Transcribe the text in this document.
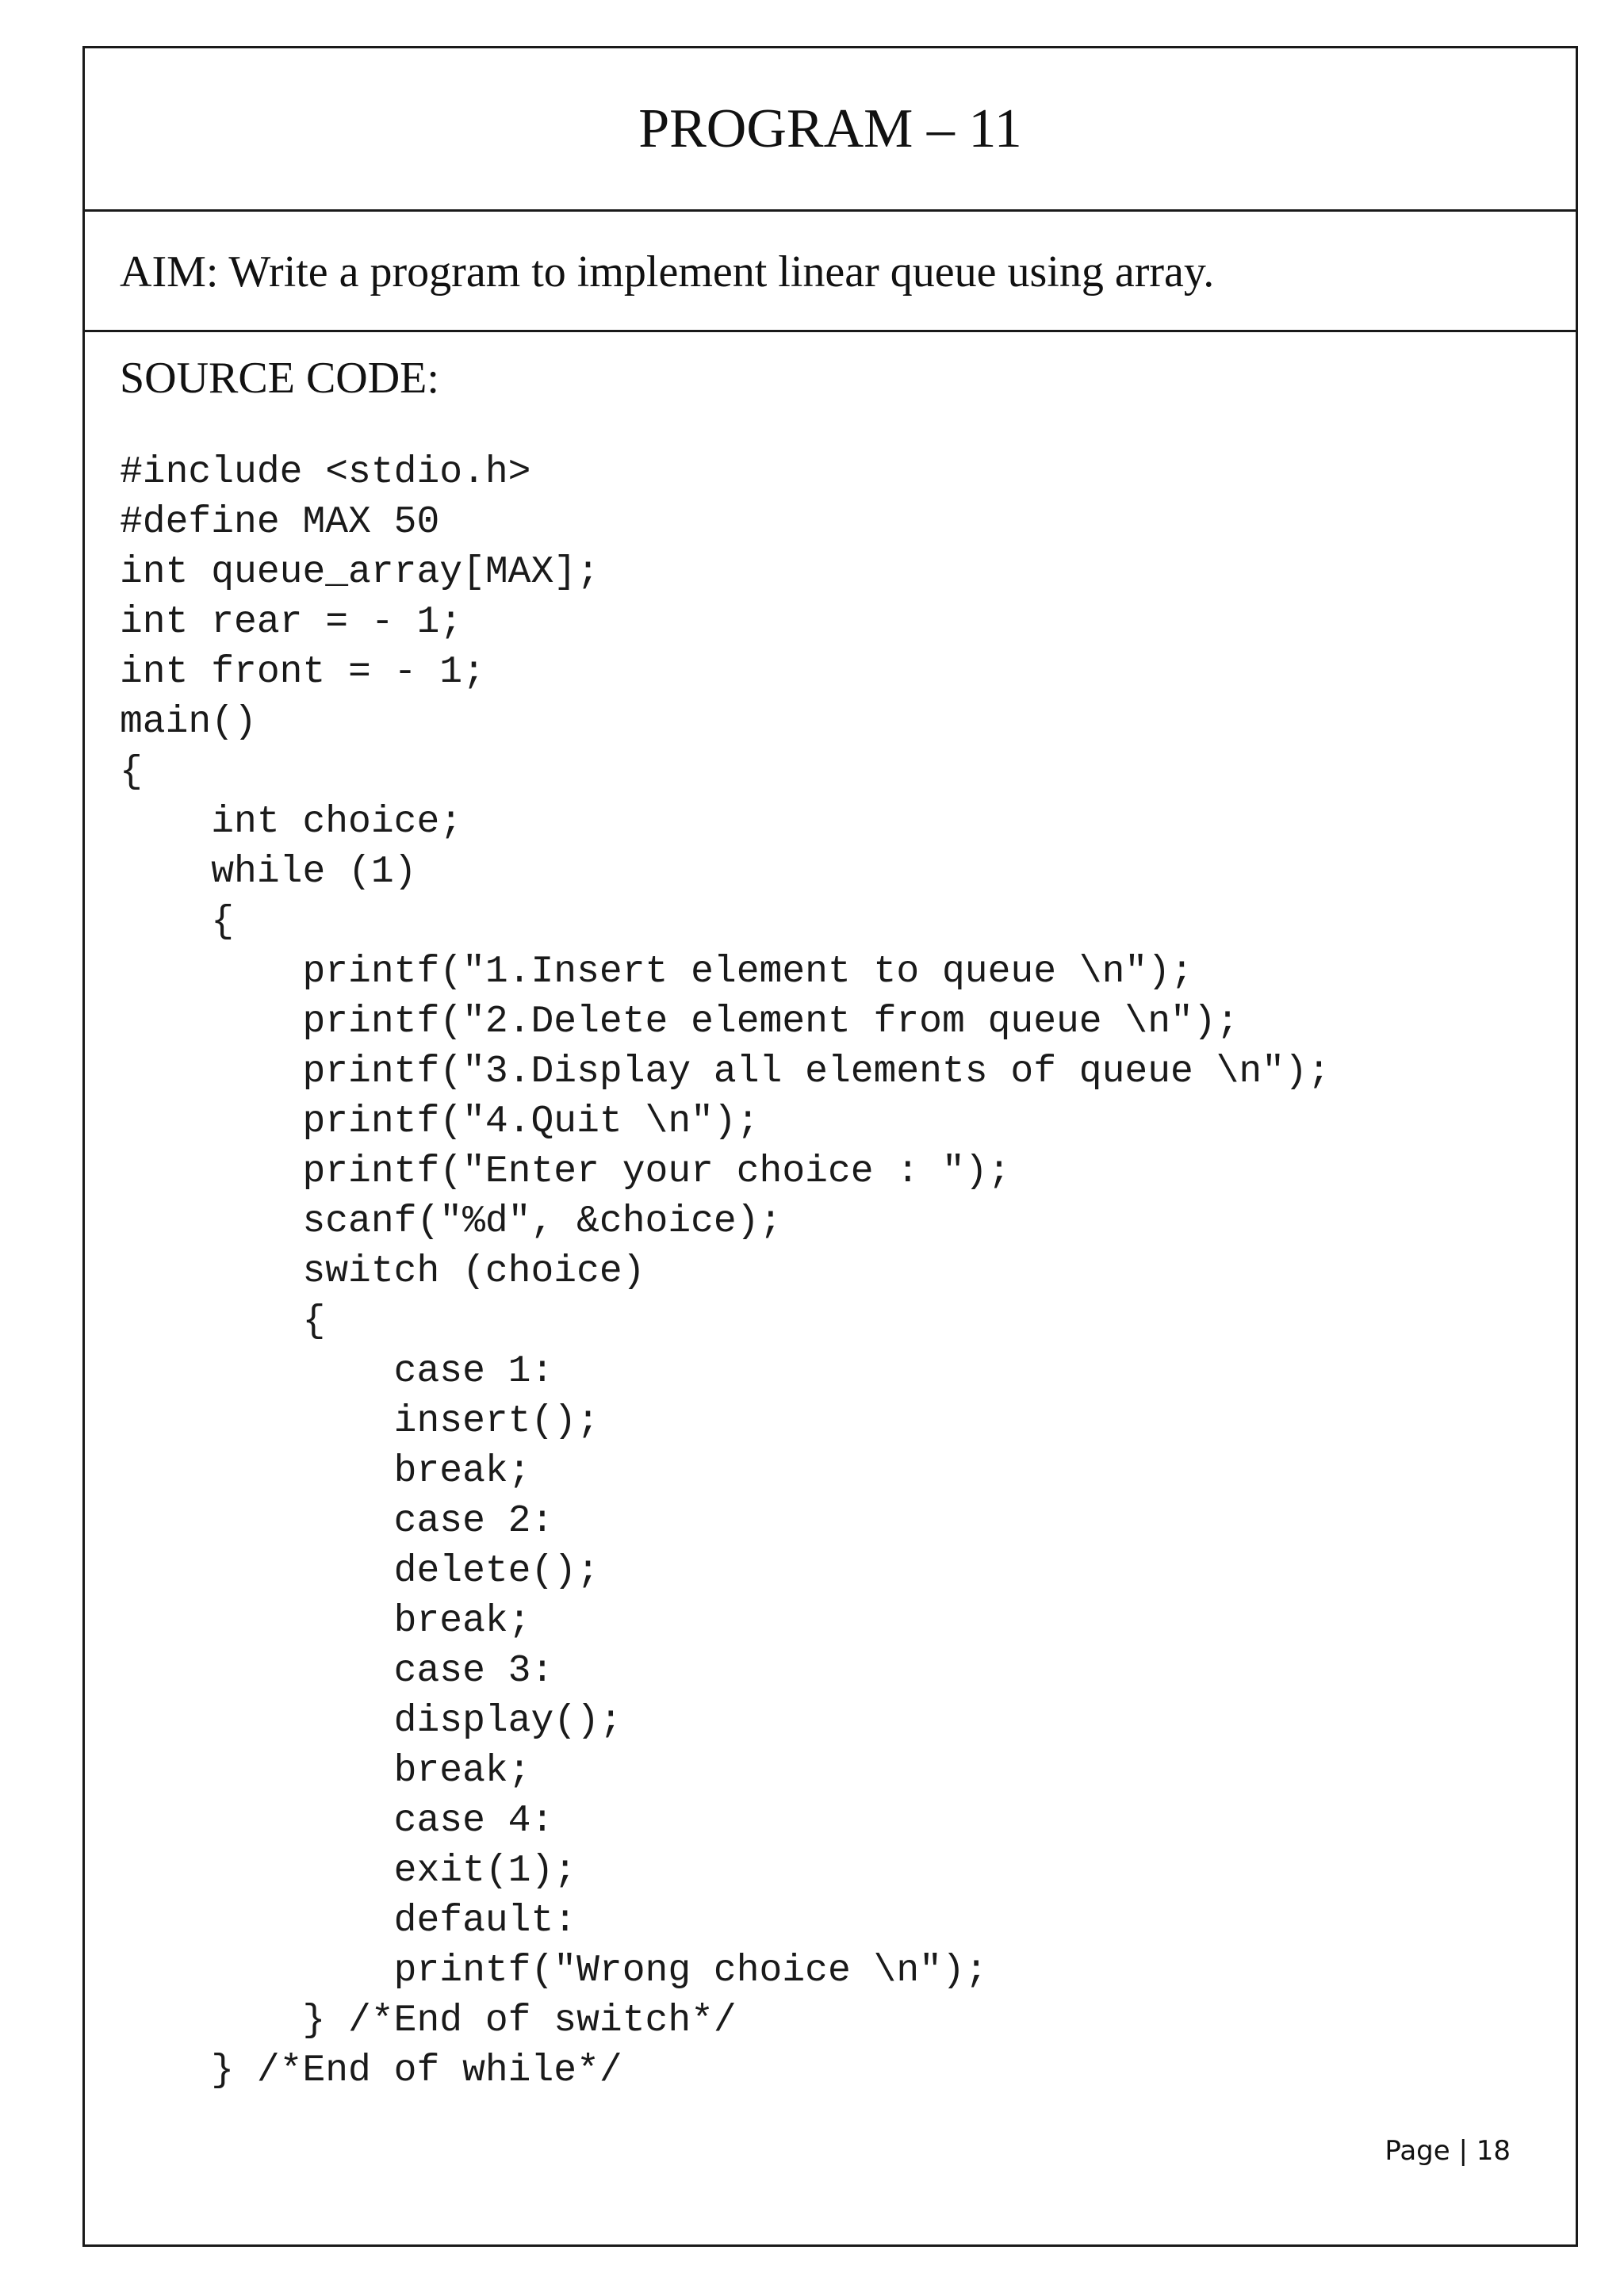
PROGRAM – 11
AIM: Write a program to implement linear queue using array.
SOURCE CODE:
#include <stdio.h>
#define MAX 50
int queue_array[MAX];
int rear = - 1;
int front = - 1;
main()
{
int choice;
while (1)
{
printf("1.Insert element to queue \n");
printf("2.Delete element from queue \n");
printf("3.Display all elements of queue \n");
printf("4.Quit \n");
printf("Enter your choice : ");
scanf("%d", &choice);
switch (choice)
{
case 1:
insert();
break;
case 2:
delete();
break;
case 3:
display();
break;
case 4:
exit(1);
default:
printf("Wrong choice \n");
} /*End of switch*/
} /*End of while*/
Page | 18
